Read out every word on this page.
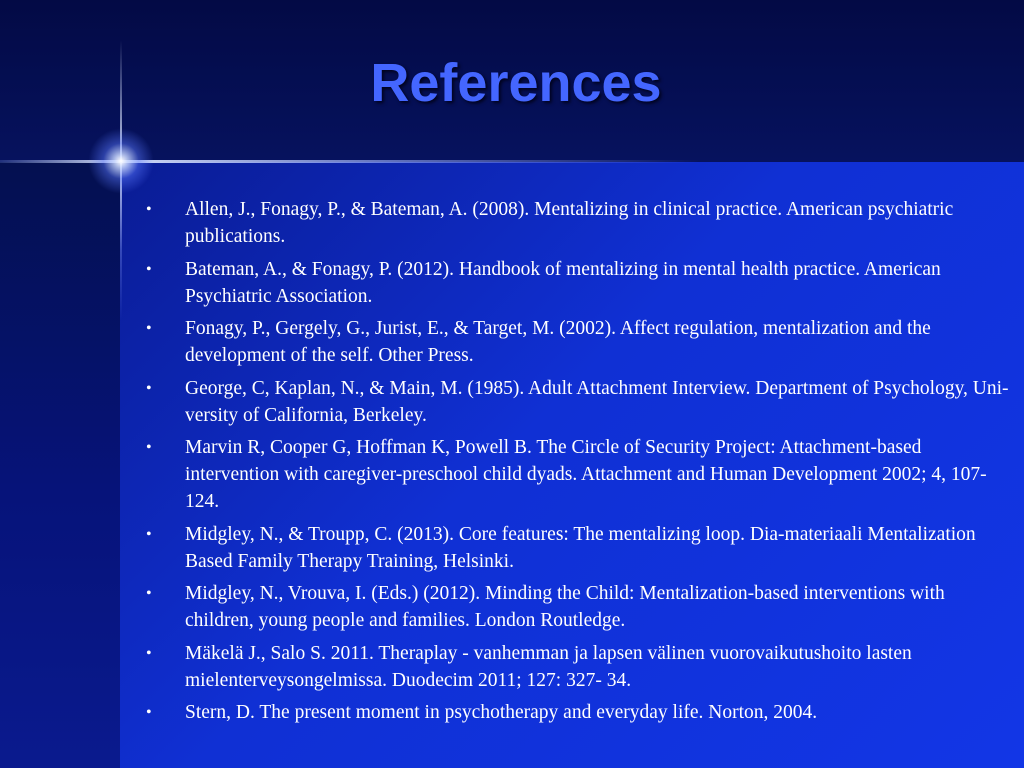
References
• Allen, J., Fonagy, P., & Bateman, A. (2008). Mentalizing in clinical practice. American psychiatric publications.
• Bateman, A., & Fonagy, P. (2012). Handbook of mentalizing in mental health practice. American Psychiatric Association.
• Fonagy, P., Gergely, G., Jurist, E., & Target, M. (2002). Affect regulation, mentalization and the development of the self. Other Press.
• George, C, Kaplan, N., & Main, M. (1985). Adult Attachment Interview. Department of Psychology, Uni- versity of California, Berkeley.
• Marvin R, Cooper G, Hoffman K, Powell B. The Circle of Security Project: Attachment-based intervention with caregiver-preschool child dyads. Attachment and Human Development 2002; 4, 107-124.
• Midgley, N., & Troupp, C. (2013). Core features: The mentalizing loop. Dia-materiaali Mentalization Based Family Therapy Training, Helsinki.
• Midgley, N., Vrouva, I. (Eds.) (2012). Minding the Child: Mentalization-based interventions with children, young people and families. London Routledge.
• Mäkelä J., Salo S. 2011. Theraplay - vanhemman ja lapsen välinen vuorovaikutushoito lasten mielenterveysongelmissa. Duodecim 2011; 127: 327- 34.
• Stern, D. The present moment in psychotherapy and everyday life. Norton, 2004.
